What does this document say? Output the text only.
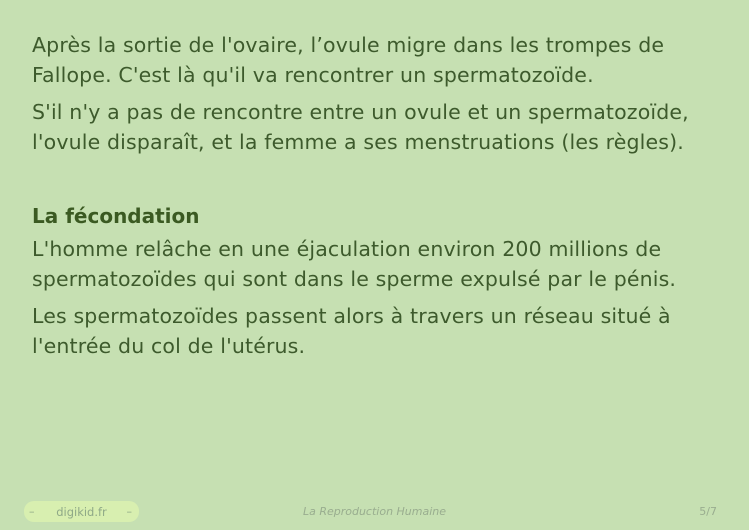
Après la sortie de l'ovaire, l’ovule migre dans les trompes de Fallope. C'est là qu'il va rencontrer un spermatozoïde.

S'il n'y a pas de rencontre entre un ovule et un spermatozoïde, l'ovule disparaît, et la femme a ses menstruations (les règles).

La fécondation

L'homme relâche en une éjaculation environ 200 millions de spermatozoïdes qui sont dans le sperme expulsé par le pénis.

Les spermatozoïdes passent alors à travers un réseau situé à l'entrée du col de l'utérus.

– digikid.fr –	La Reproduction Humaine	5/7
